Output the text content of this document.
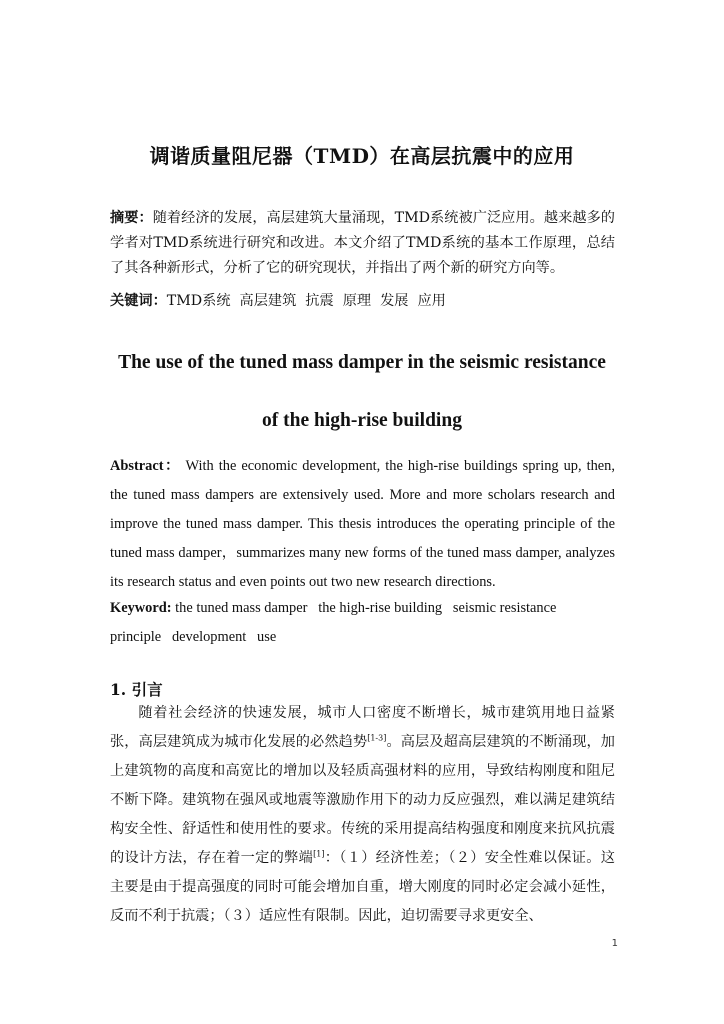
调谐质量阻尼器（TMD）在高层抗震中的应用
摘要：随着经济的发展，高层建筑大量涌现，TMD系统被广泛应用。越来越多的学者对TMD系统进行研究和改进。本文介绍了TMD系统的基本工作原理，总结了其各种新形式，分析了它的研究现状，并指出了两个新的研究方向等。
关键词：TMD系统  高层建筑  抗震  原理  发展  应用
The use of the tuned mass damper in the seismic resistance
of the high-rise building
Abstract： With the economic development, the high-rise buildings spring up, then, the tuned mass dampers are extensively used. More and more scholars research and improve the tuned mass damper. This thesis introduces the operating principle of the tuned mass damper，summarizes many new forms of the tuned mass damper, analyzes its research status and even points out two new research directions.
Keyword: the tuned mass damper   the high-rise building   seismic resistance   principle   development   use
1. 引言
随着社会经济的快速发展，城市人口密度不断增长，城市建筑用地日益紧张，高层建筑成为城市化发展的必然趋势[1-3]。高层及超高层建筑的不断涌现，加上建筑物的高度和高宽比的增加以及轻质高强材料的应用，导致结构刚度和阻尼不断下降。建筑物在强风或地震等激励作用下的动力反应强烈，难以满足建筑结构安全性、舒适性和使用性的要求。传统的采用提高结构强度和刚度来抗风抗震的设计方法，存在着一定的弊端[1]：（１）经济性差；（２）安全性难以保证。这主要是由于提高强度的同时可能会增加自重，增大刚度的同时必定会减小延性，反而不利于抗震；（３）适应性有限制。因此，迫切需要寻求更安全、
1
